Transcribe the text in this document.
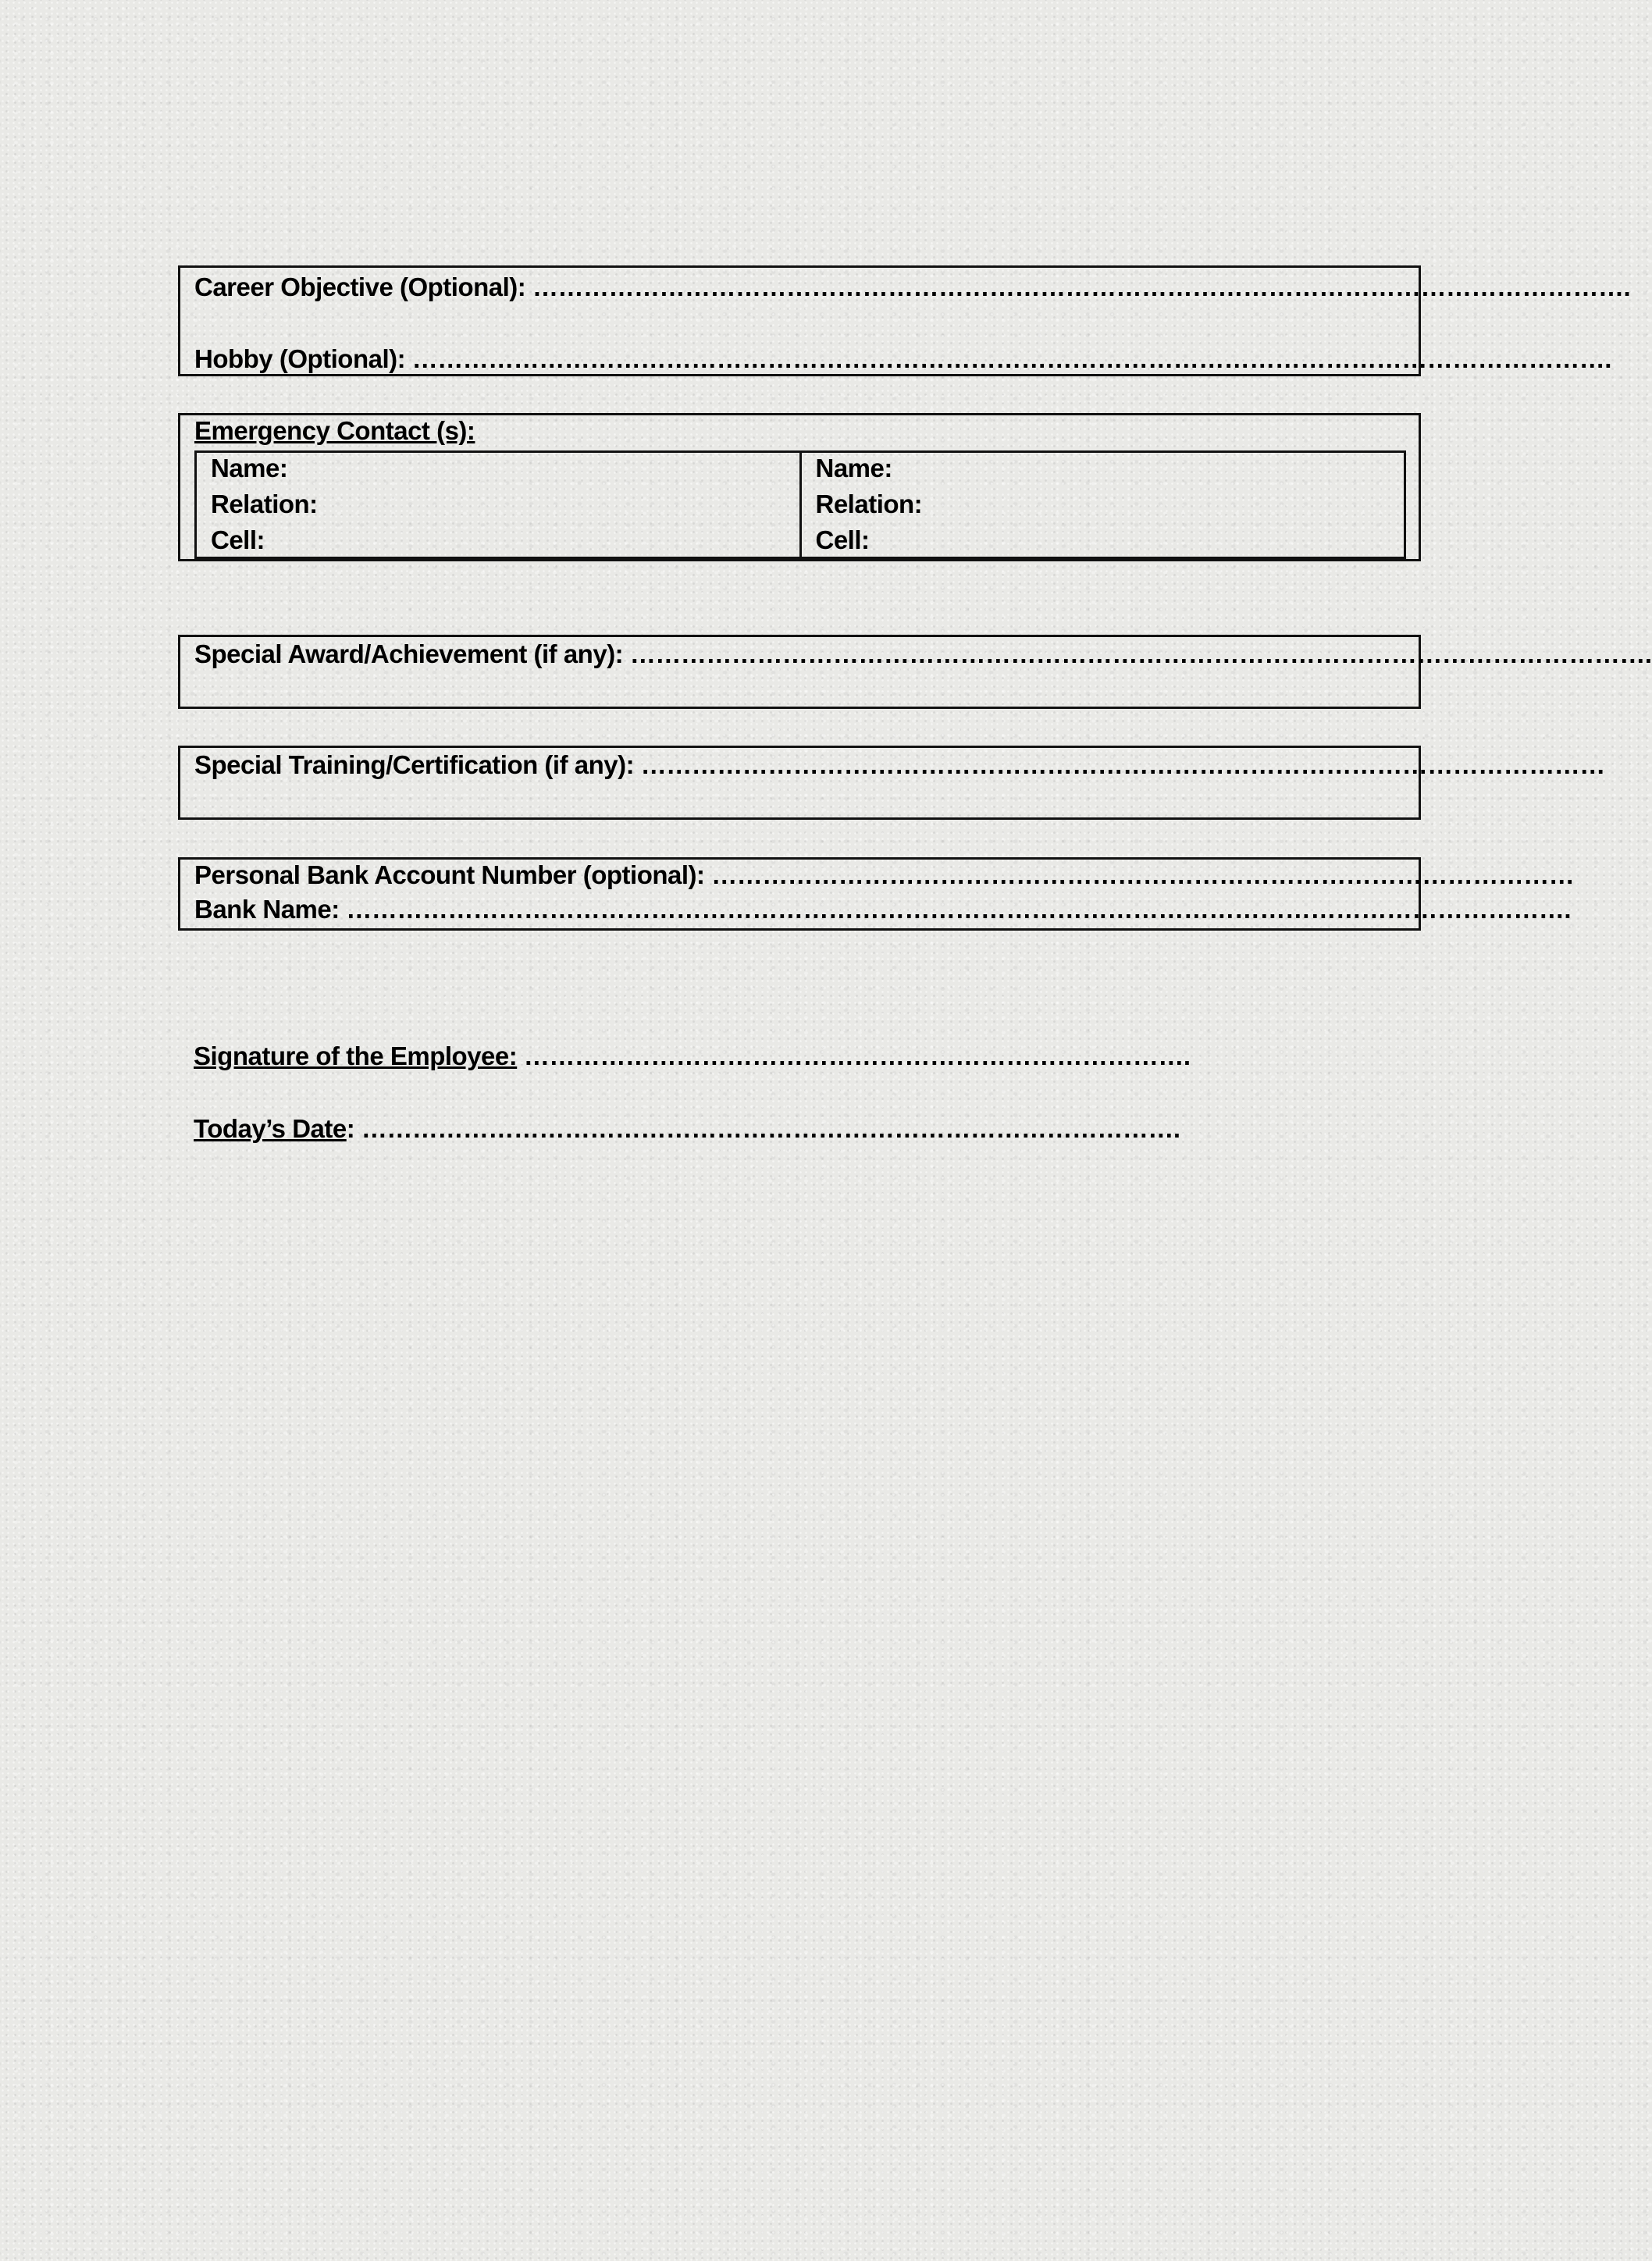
Career Objective (Optional): ………………………………………………………………………………………………………………….
Hobby (Optional): …………………………………………………………………………………………………………………………….
Emergency Contact (s):
Name:
Relation:
Cell:
Name:
Relation:
Cell:
Special Award/Achievement (if any): ………………………………………………………………………………………………………….
Special Training/Certification (if any): ……………………………………………………………………………………………………
Personal Bank Account Number (optional): …………………………………………………………………………………………
Bank Name: ……………………………………………………………………………………………………………………………….
Signature of the Employee: …………………………………………………………………….
Today’s Date: …………………………………………………………………………………….
